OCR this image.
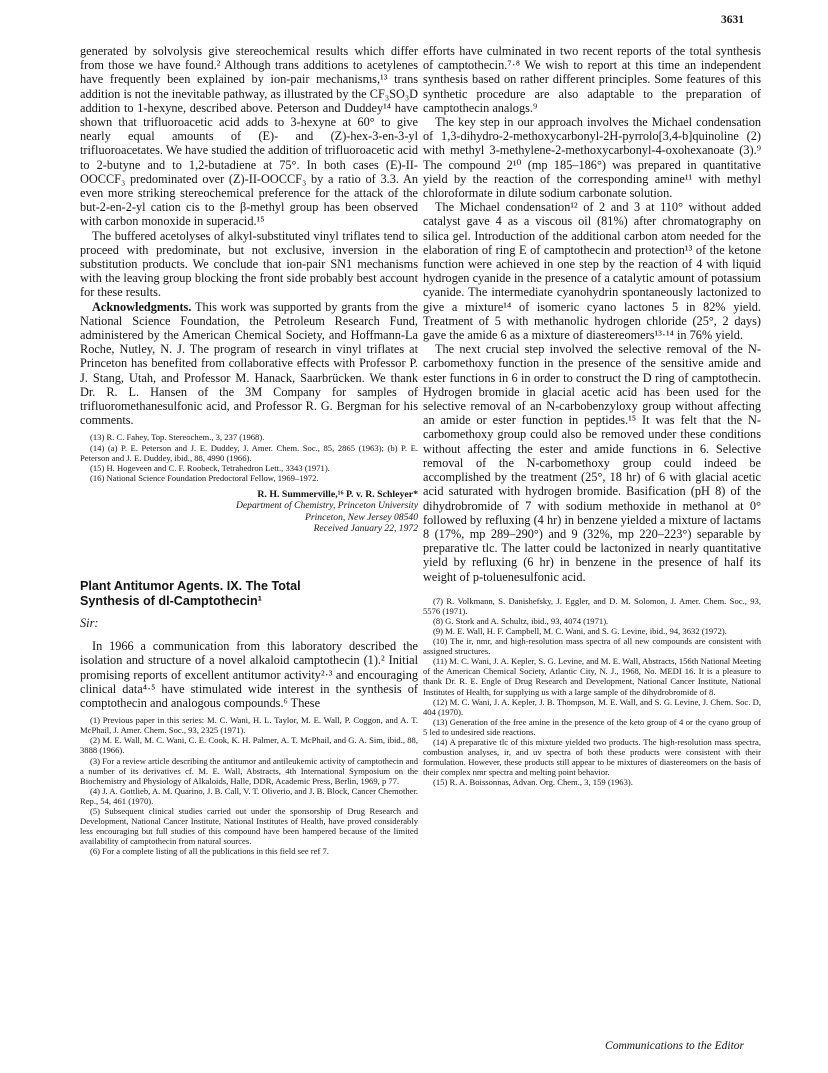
3631

generated by solvolysis give stereochemical results which differ from those we have found.² Although trans additions to acetylenes have frequently been explained by ion-pair mechanisms,¹³ trans addition is not the inevitable pathway, as illustrated by the CF₃SO₃D addition to 1-hexyne, described above. Peterson and Duddey¹⁴ have shown that trifluoroacetic acid adds to 3-hexyne at 60° to give nearly equal amounts of (E)- and (Z)-hex-3-en-3-yl trifluoroacetates. We have studied the addition of trifluoroacetic acid to 2-butyne and to 1,2-butadiene at 75°. In both cases (E)-II-OOCCF₃ predominated over (Z)-II-OOCCF₃ by a ratio of 3.3. An even more striking stereochemical preference for the attack of the but-2-en-2-yl cation cis to the β-methyl group has been observed with carbon monoxide in superacid.¹⁵

The buffered acetolyses of alkyl-substituted vinyl triflates tend to proceed with predominate, but not exclusive, inversion in the substitution products. We conclude that ion-pair SN1 mechanisms with the leaving group blocking the front side probably best account for these results.

Acknowledgments. This work was supported by grants from the National Science Foundation, the Petroleum Research Fund, administered by the American Chemical Society, and Hoffmann-La Roche, Nutley, N. J. The program of research in vinyl triflates at Princeton has benefited from collaborative effects with Professor P. J. Stang, Utah, and Professor M. Hanack, Saarbrücken. We thank Dr. R. L. Hansen of the 3M Company for samples of trifluoromethanesulfonic acid, and Professor R. G. Bergman for his comments.

(13) R. C. Fahey, Top. Stereochem., 3, 237 (1968).

(14) (a) P. E. Peterson and J. E. Duddey, J. Amer. Chem. Soc., 85, 2865 (1963); (b) P. E. Peterson and J. E. Duddey, ibid., 88, 4990 (1966).

(15) H. Hogeveen and C. F. Roobeck, Tetrahedron Lett., 3343 (1971).

(16) National Science Foundation Predoctoral Fellow, 1969–1972.

R. H. Summerville,¹⁶ P. v. R. Schleyer*
Department of Chemistry, Princeton University
Princeton, New Jersey 08540
Received January 22, 1972
Plant Antitumor Agents. IX. The Total
Synthesis of dl-Camptothecin¹
Sir:

In 1966 a communication from this laboratory described the isolation and structure of a novel alkaloid camptothecin (1).² Initial promising reports of excellent antitumor activity²·³ and encouraging clinical data⁴·⁵ have stimulated wide interest in the synthesis of comptothecin and analogous compounds.⁶ These

(1) Previous paper in this series: M. C. Wani, H. L. Taylor, M. E. Wall, P. Coggon, and A. T. McPhail, J. Amer. Chem. Soc., 93, 2325 (1971).

(2) M. E. Wall, M. C. Wani, C. E. Cook, K. H. Palmer, A. T. McPhail, and G. A. Sim, ibid., 88, 3888 (1966).

(3) For a review article describing the antitumor and antileukemic activity of camptothecin and a number of its derivatives cf. M. E. Wall, Abstracts, 4th International Symposium on the Biochemistry and Physiology of Alkaloids, Halle, DDR, Academic Press, Berlin, 1969, p 77.

(4) J. A. Gottlieb, A. M. Quarino, J. B. Call, V. T. Oliverio, and J. B. Block, Cancer Chemother. Rep., 54, 461 (1970).

(5) Subsequent clinical studies carried out under the sponsorship of Drug Research and Development, National Cancer Institute, National Institutes of Health, have proved considerably less encouraging but full studies of this compound have been hampered because of the limited availability of camptothecin from natural sources.

(6) For a complete listing of all the publications in this field see ref 7.

efforts have culminated in two recent reports of the total synthesis of camptothecin.⁷·⁸ We wish to report at this time an independent synthesis based on rather different principles. Some features of this synthetic procedure are also adaptable to the preparation of camptothecin analogs.⁹

The key step in our approach involves the Michael condensation of 1,3-dihydro-2-methoxycarbonyl-2H-pyrrolo[3,4-b]quinoline (2) with methyl 3-methylene-2-methoxycarbonyl-4-oxohexanoate (3).⁹ The compound 2¹⁰ (mp 185–186°) was prepared in quantitative yield by the reaction of the corresponding amine¹¹ with methyl chloroformate in dilute sodium carbonate solution.

The Michael condensation¹² of 2 and 3 at 110° without added catalyst gave 4 as a viscous oil (81%) after chromatography on silica gel. Introduction of the additional carbon atom needed for the elaboration of ring E of camptothecin and protection¹³ of the ketone function were achieved in one step by the reaction of 4 with liquid hydrogen cyanide in the presence of a catalytic amount of potassium cyanide. The intermediate cyanohydrin spontaneously lactonized to give a mixture¹⁴ of isomeric cyano lactones 5 in 82% yield. Treatment of 5 with methanolic hydrogen chloride (25°, 2 days) gave the amide 6 as a mixture of diastereomers¹³·¹⁴ in 76% yield.

The next crucial step involved the selective removal of the N-carbomethoxy function in the presence of the sensitive amide and ester functions in 6 in order to construct the D ring of camptothecin. Hydrogen bromide in glacial acetic acid has been used for the selective removal of an N-carbobenzyloxy group without affecting an amide or ester function in peptides.¹⁵ It was felt that the N-carbomethoxy group could also be removed under these conditions without affecting the ester and amide functions in 6. Selective removal of the N-carbomethoxy group could indeed be accomplished by the treatment (25°, 18 hr) of 6 with glacial acetic acid saturated with hydrogen bromide. Basification (pH 8) of the dihydrobromide of 7 with sodium methoxide in methanol at 0° followed by refluxing (4 hr) in benzene yielded a mixture of lactams 8 (17%, mp 289–290°) and 9 (32%, mp 220–223°) separable by preparative tlc. The latter could be lactonized in nearly quantitative yield by refluxing (6 hr) in benzene in the presence of half its weight of p-toluenesulfonic acid.

(7) R. Volkmann, S. Danishefsky, J. Eggler, and D. M. Solomon, J. Amer. Chem. Soc., 93, 5576 (1971).

(8) G. Stork and A. Schultz, ibid., 93, 4074 (1971).

(9) M. E. Wall, H. F. Campbell, M. C. Wani, and S. G. Levine, ibid., 94, 3632 (1972).

(10) The ir, nmr, and high-resolution mass spectra of all new compounds are consistent with assigned structures.

(11) M. C. Wani, J. A. Kepler, S. G. Levine, and M. E. Wall, Abstracts, 156th National Meeting of the American Chemical Society, Atlantic City, N. J., 1968, No. MEDI 16. It is a pleasure to thank Dr. R. E. Engle of Drug Research and Development, National Cancer Institute, National Institutes of Health, for supplying us with a large sample of the dihydrobromide of 8.

(12) M. C. Wani, J. A. Kepler, J. B. Thompson, M. E. Wall, and S. G. Levine, J. Chem. Soc. D, 404 (1970).

(13) Generation of the free amine in the presence of the keto group of 4 or the cyano group of 5 led to undesired side reactions.

(14) A preparative tlc of this mixture yielded two products. The high-resolution mass spectra, combustion analyses, ir, and uv spectra of both these products were consistent with their formulation. However, these products still appear to be mixtures of diastereomers on the basis of their complex nmr spectra and melting point behavior.

(15) R. A. Boissonnas, Advan. Org. Chem., 3, 159 (1963).

Communications to the Editor
